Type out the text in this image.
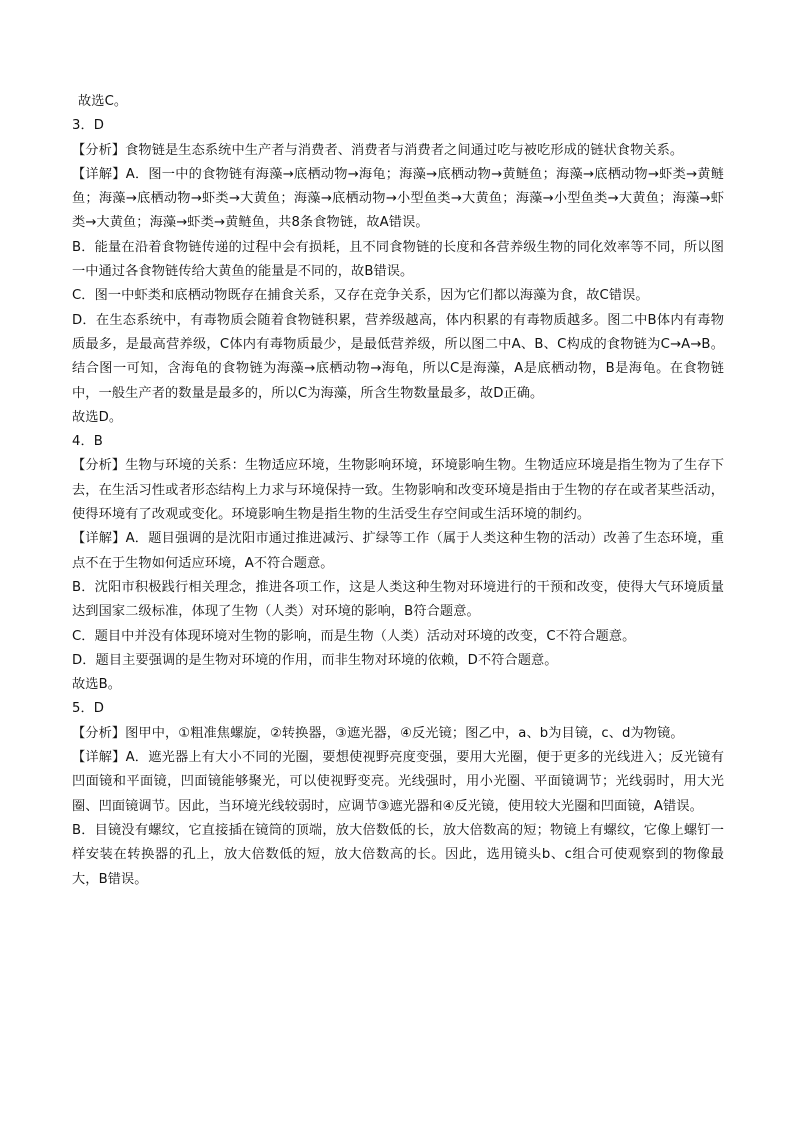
故选C。
3．D
【分析】食物链是生态系统中生产者与消费者、消费者与消费者之间通过吃与被吃形成的链状食物关系。
【详解】A．图一中的食物链有海藻→底栖动物→海龟；海藻→底栖动物→黄鲢鱼；海藻→底栖动物→虾类→黄鲢鱼；海藻→底栖动物→虾类→大黄鱼；海藻→底栖动物→小型鱼类→大黄鱼；海藻→小型鱼类→大黄鱼；海藻→虾类→大黄鱼；海藻→虾类→黄鲢鱼，共8条食物链，故A错误。
B．能量在沿着食物链传递的过程中会有损耗，且不同食物链的长度和各营养级生物的同化效率等不同，所以图一中通过各食物链传给大黄鱼的能量是不同的，故B错误。
C．图一中虾类和底栖动物既存在捕食关系，又存在竞争关系，因为它们都以海藻为食，故C错误。
D．在生态系统中，有毒物质会随着食物链积累，营养级越高，体内积累的有毒物质越多。图二中B体内有毒物质最多，是最高营养级，C体内有毒物质最少，是最低营养级，所以图二中A、B、C构成的食物链为C→A→B。结合图一可知，含海龟的食物链为海藻→底栖动物→海龟，所以C是海藻，A是底栖动物，B是海龟。在食物链中，一般生产者的数量是最多的，所以C为海藻，所含生物数量最多，故D正确。
故选D。
4．B
【分析】生物与环境的关系：生物适应环境，生物影响环境，环境影响生物。生物适应环境是指生物为了生存下去，在生活习性或者形态结构上力求与环境保持一致。生物影响和改变环境是指由于生物的存在或者某些活动，使得环境有了改观或变化。环境影响生物是指生物的生活受生存空间或生活环境的制约。
【详解】A．题目强调的是沈阳市通过推进减污、扩绿等工作（属于人类这种生物的活动）改善了生态环境，重点不在于生物如何适应环境，A不符合题意。
B．沈阳市积极践行相关理念，推进各项工作，这是人类这种生物对环境进行的干预和改变，使得大气环境质量达到国家二级标准，体现了生物（人类）对环境的影响，B符合题意。
C．题目中并没有体现环境对生物的影响，而是生物（人类）活动对环境的改变，C不符合题意。
D．题目主要强调的是生物对环境的作用，而非生物对环境的依赖，D不符合题意。
故选B。
5．D
【分析】图甲中，①粗准焦螺旋，②转换器，③遮光器，④反光镜；图乙中，a、b为目镜，c、d为物镜。
【详解】A．遮光器上有大小不同的光圈，要想使视野亮度变强，要用大光圈，便于更多的光线进入；反光镜有凹面镜和平面镜，凹面镜能够聚光，可以使视野变亮。光线强时，用小光圈、平面镜调节；光线弱时，用大光圈、凹面镜调节。因此，当环境光线较弱时，应调节③遮光器和④反光镜，使用较大光圈和凹面镜，A错误。
B．目镜没有螺纹，它直接插在镜筒的顶端，放大倍数低的长，放大倍数高的短；物镜上有螺纹，它像上螺钉一样安装在转换器的孔上，放大倍数低的短，放大倍数高的长。因此，选用镜头b、c组合可使观察到的物像最大，B错误。
